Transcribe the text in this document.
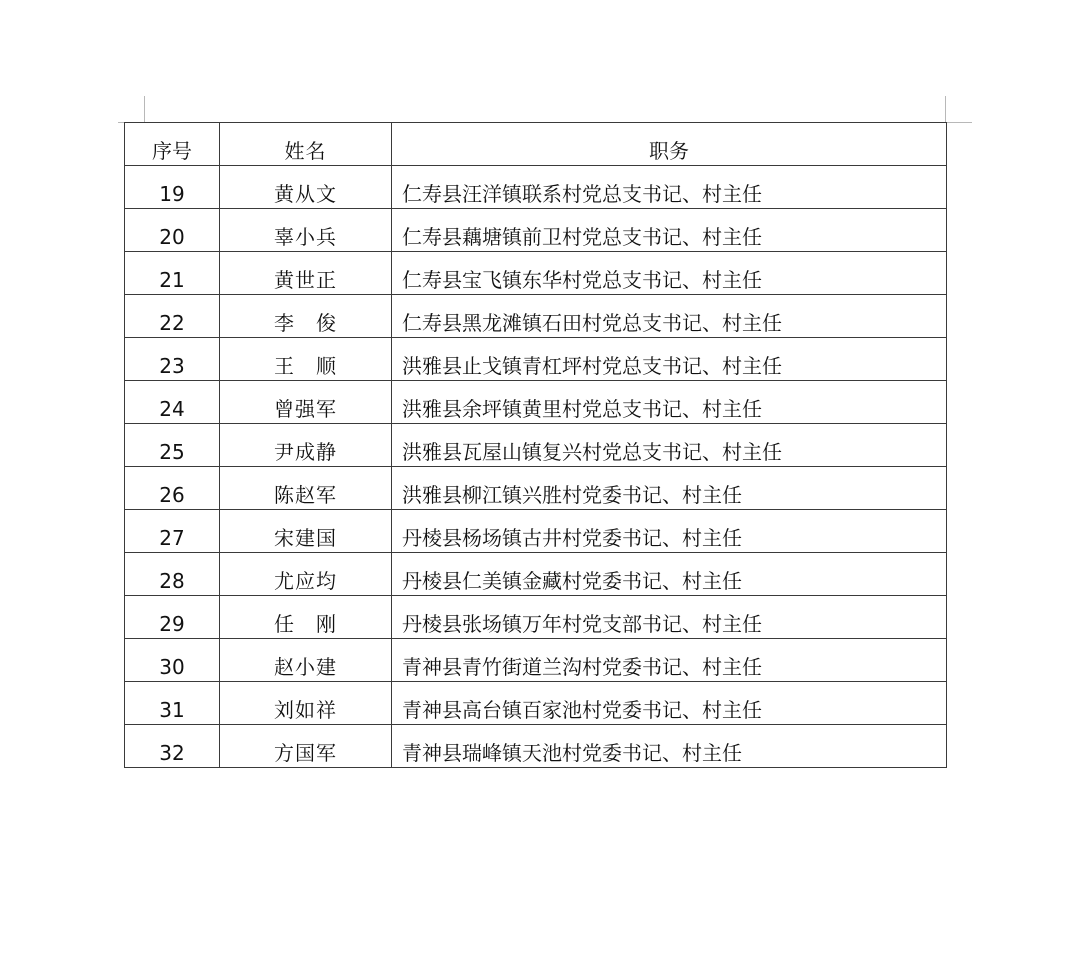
序号	姓名	职务

19	黄从文	仁寿县汪洋镇联系村党总支书记、村主任

20	辜小兵	仁寿县藕塘镇前卫村党总支书记、村主任

21	黄世正	仁寿县宝飞镇东华村党总支书记、村主任

22	李　俊	仁寿县黑龙滩镇石田村党总支书记、村主任

23	王　顺	洪雅县止戈镇青杠坪村党总支书记、村主任

24	曾强军	洪雅县余坪镇黄里村党总支书记、村主任

25	尹成静	洪雅县瓦屋山镇复兴村党总支书记、村主任

26	陈赵军	洪雅县柳江镇兴胜村党委书记、村主任

27	宋建国	丹棱县杨场镇古井村党委书记、村主任

28	尤应均	丹棱县仁美镇金藏村党委书记、村主任

29	任　刚	丹棱县张场镇万年村党支部书记、村主任

30	赵小建	青神县青竹街道兰沟村党委书记、村主任

31	刘如祥	青神县高台镇百家池村党委书记、村主任

32	方国军	青神县瑞峰镇天池村党委书记、村主任
